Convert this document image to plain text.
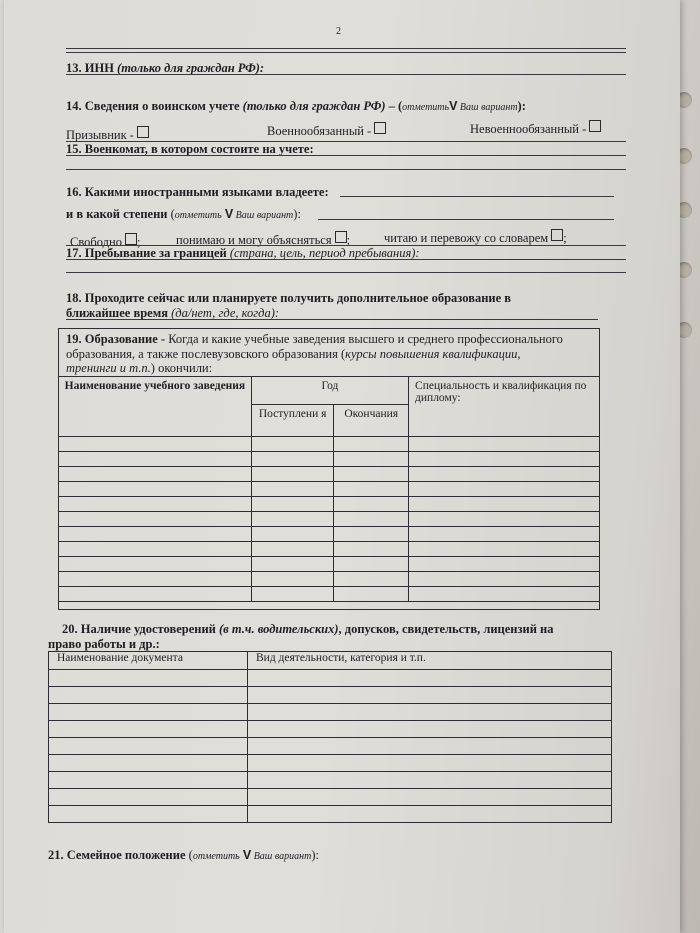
2
13. ИНН (только для граждан РФ):
14. Сведения о воинском учете (только для граждан РФ) – (отметитьV Ваш вариант):
Призывник -	Военнообязанный -	Невоеннообязанный -
15. Военкомат, в котором состоите на учете:
16. Какими иностранными языками владеете:
и в какой степени (отметить V Ваш вариант):
Свободно ;	понимаю и могу объясняться ;	читаю и перевожу со словарем ;
17. Пребывание за границей (страна, цель, период пребывания):
18. Проходите сейчас или планируете получить дополнительное образование в
ближайшее время (да/нет, где, когда):
19. Образование - Когда и какие учебные заведения высшего и среднего профессионального
образования, а также послевузовского образования (курсы повышения квалификации,
тренинги и т.п.) окончили:
Наименование учебного заведения	Год		Специальность и квалификация по диплому:
	Поступлени я	Окончания	

20. Наличие удостоверений (в т.ч. водительских), допусков, свидетельств, лицензий на
право работы и др.:
Наименование документа	Вид деятельности, категория и т.п.

21. Семейное положение (отметить V Ваш вариант):
